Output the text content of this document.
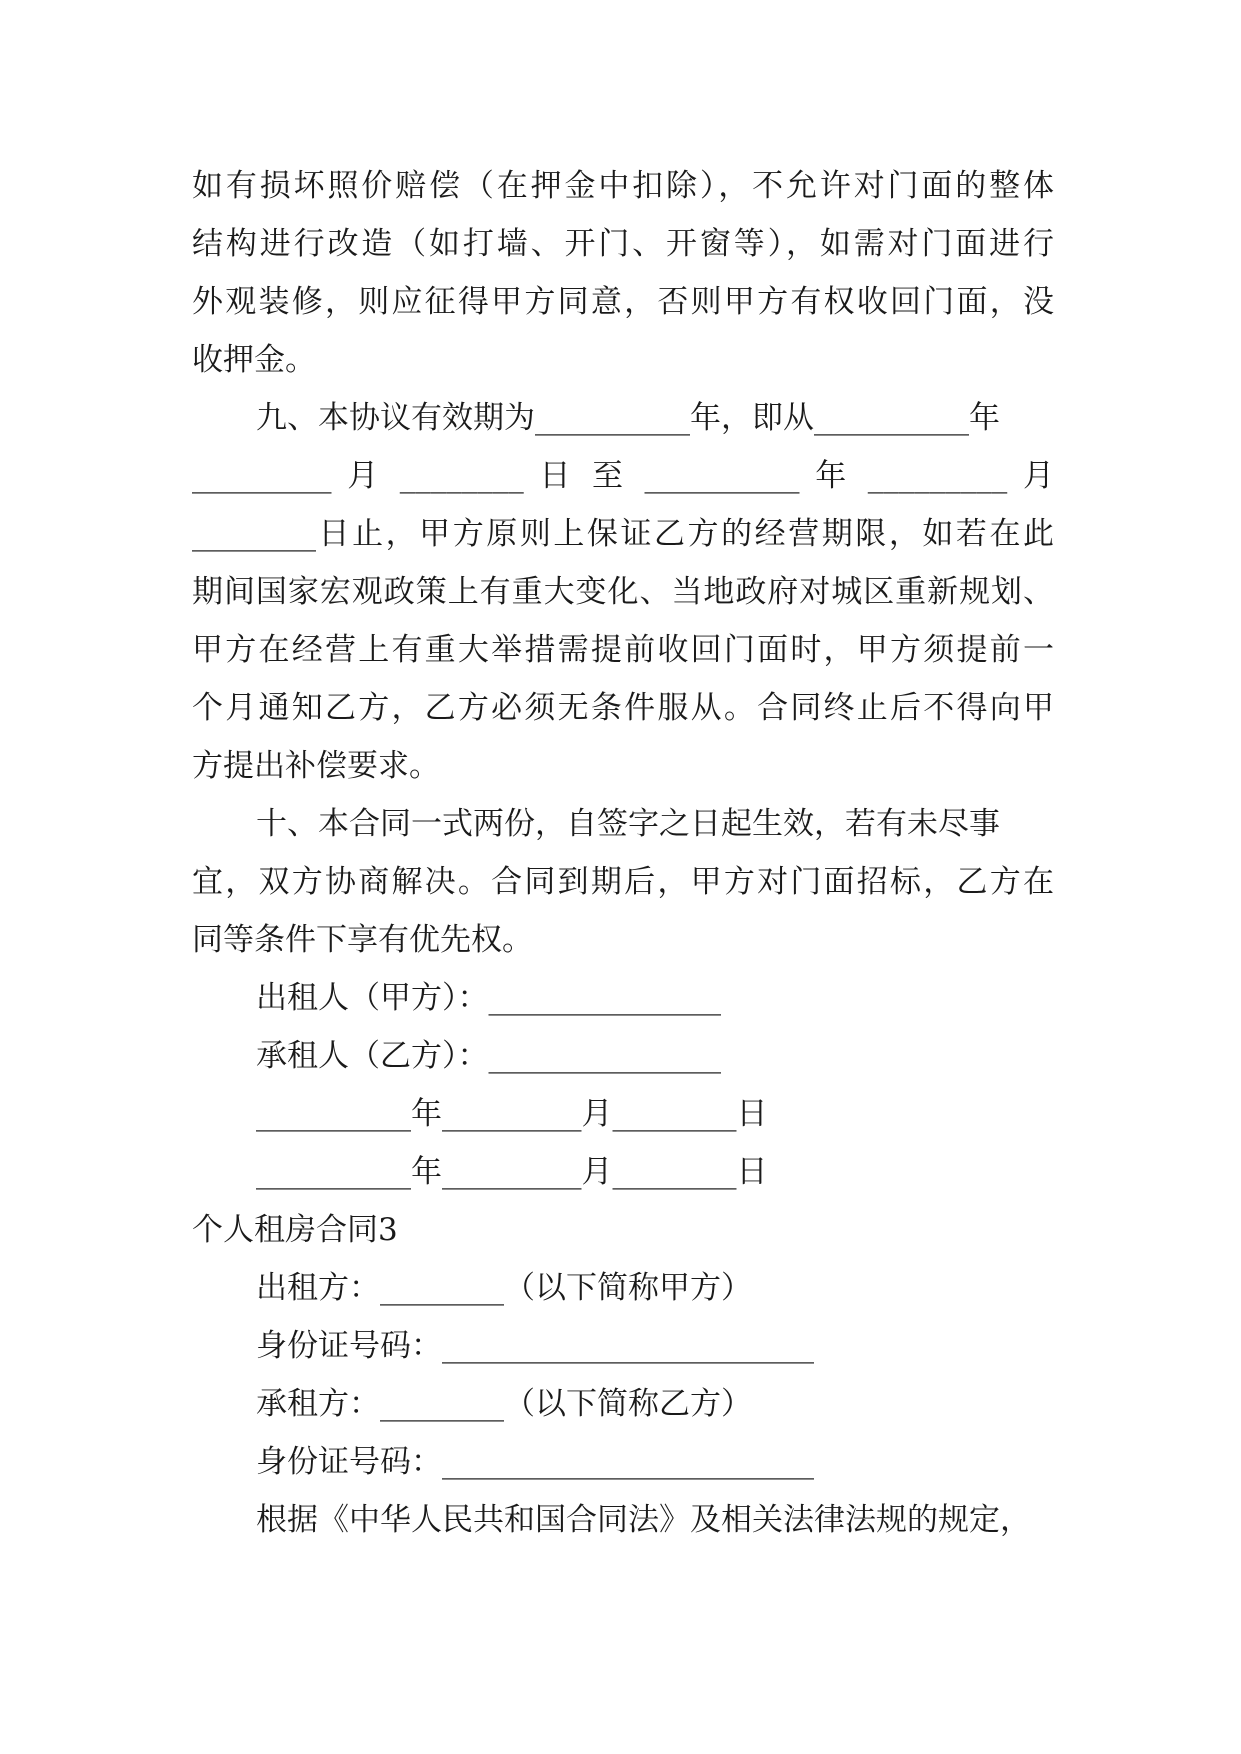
如有损坏照价赔偿（在押金中扣除），不允许对门面的整体
结构进行改造（如打墙、开门、开窗等），如需对门面进行
外观装修，则应征得甲方同意，否则甲方有权收回门面，没
收押金。
九、本协议有效期为__________年，即从__________年
_________ 月 ________ 日 至 __________ 年 _________ 月
________日止，甲方原则上保证乙方的经营期限，如若在此
期间国家宏观政策上有重大变化、当地政府对城区重新规划、
甲方在经营上有重大举措需提前收回门面时，甲方须提前一
个月通知乙方，乙方必须无条件服从。合同终止后不得向甲
方提出补偿要求。
十、本合同一式两份，自签字之日起生效，若有未尽事
宜，双方协商解决。合同到期后，甲方对门面招标，乙方在
同等条件下享有优先权。
出租人（甲方）：_______________
承租人（乙方）：_______________
__________年_________月________日
__________年_________月________日
个人租房合同3
出租方：________（以下简称甲方）
身份证号码：________________________
承租方：________（以下简称乙方）
身份证号码：________________________
根据《中华人民共和国合同法》及相关法律法规的规定，
